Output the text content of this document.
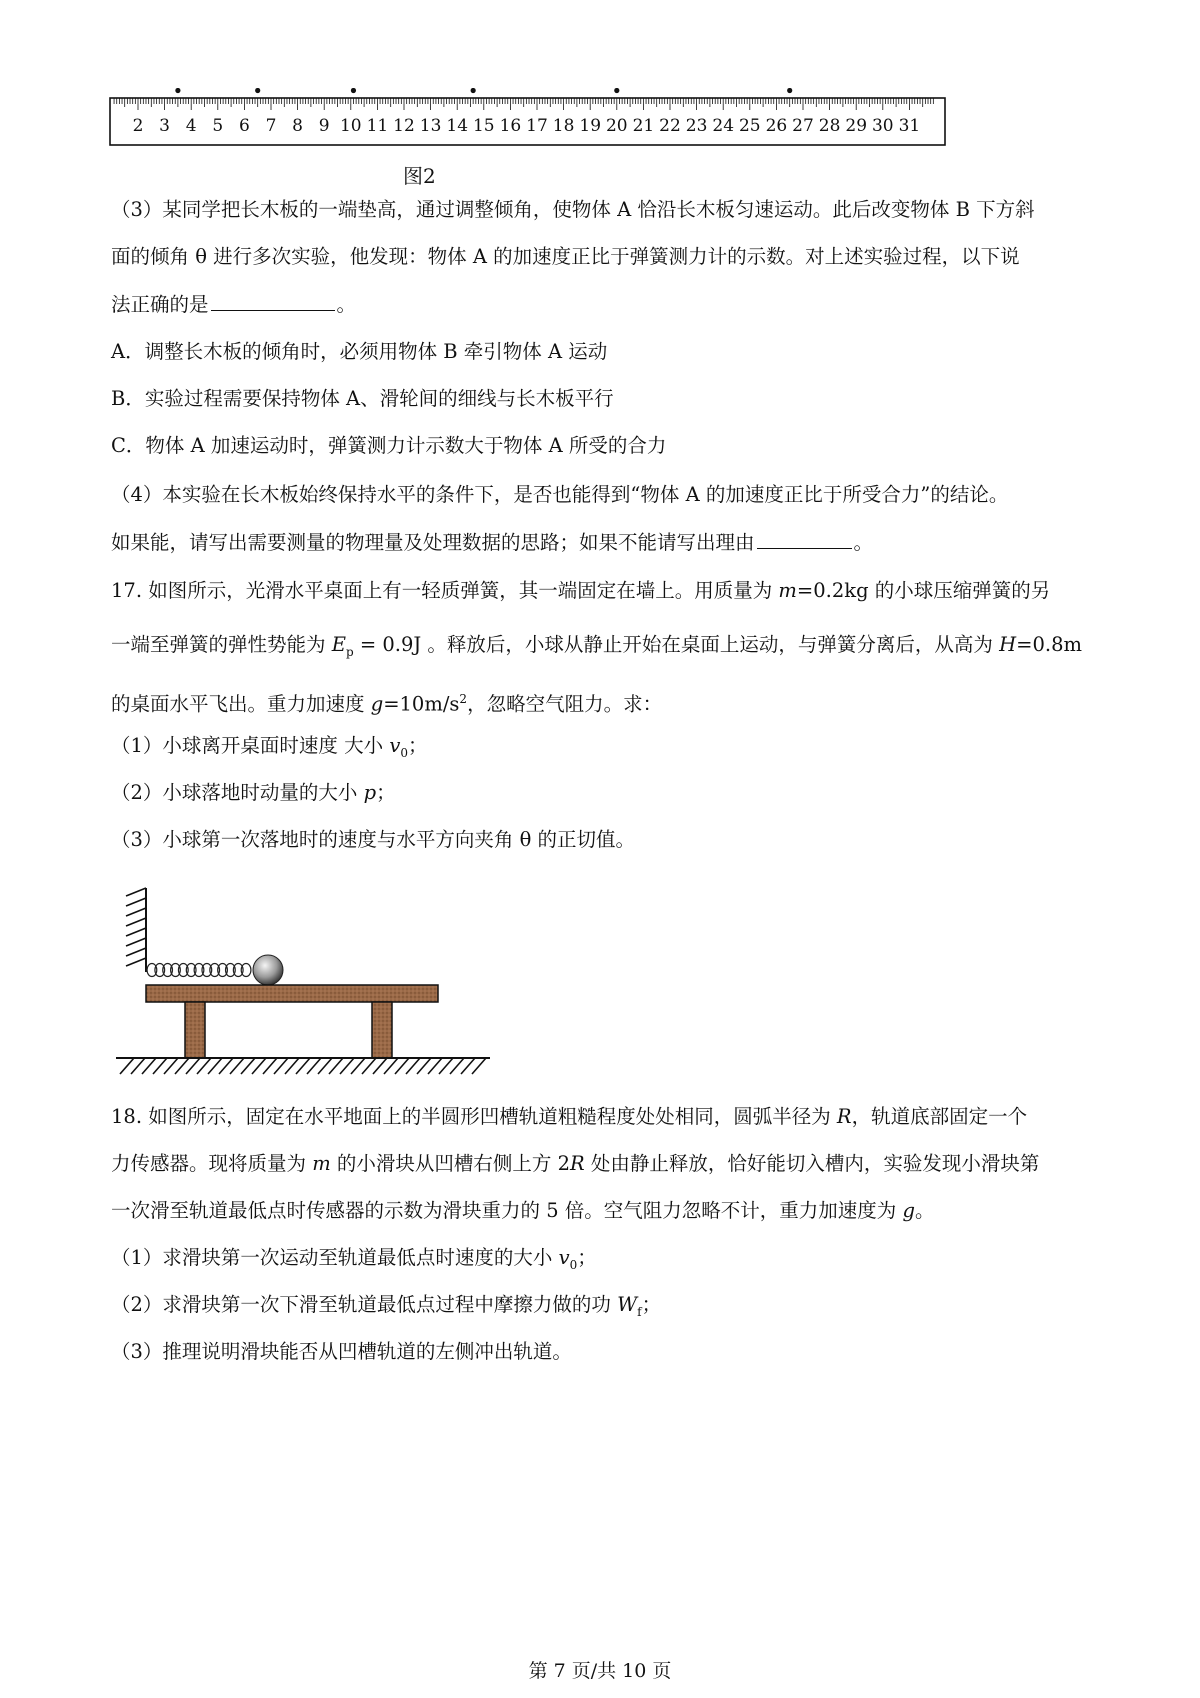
2 3 4 5 6 7 8 9 10 11 12 13 14 15 16 17 18 19 20 21 22 23 24 25 26 27 28 29 30 31
图2
（3）某同学把长木板的一端垫高，通过调整倾角，使物体 A 恰沿长木板匀速运动。此后改变物体 B 下方斜
面的倾角 θ 进行多次实验，他发现：物体 A 的加速度正比于弹簧测力计的示数。对上述实验过程，以下说
法正确的是	。
A．调整长木板的倾角时，必须用物体 B 牵引物体 A 运动
B．实验过程需要保持物体 A、滑轮间的细线与长木板平行
C．物体 A 加速运动时，弹簧测力计示数大于物体 A 所受的合力
（4）本实验在长木板始终保持水平的条件下，是否也能得到“物体 A 的加速度正比于所受合力”的结论。
如果能，请写出需要测量的物理量及处理数据的思路；如果不能请写出理由	。
17. 如图所示，光滑水平桌面上有一轻质弹簧，其一端固定在墙上。用质量为 m=0.2kg 的小球压缩弹簧的另
一端至弹簧的弹性势能为 $E_p = 0.9J$ 。释放后，小球从静止开始在桌面上运动，与弹簧分离后，从高为 H=0.8m
的桌面水平飞出。重力加速度 $g=10m/s^2$，忽略空气阻力。求：
（1）小球离开桌面时速度 大小 $v_0$；
（2）小球落地时动量的大小 p；
（3）小球第一次落地时的速度与水平方向夹角 θ 的正切值。
18. 如图所示，固定在水平地面上的半圆形凹槽轨道粗糙程度处处相同，圆弧半径为 R，轨道底部固定一个
力传感器。现将质量为 m 的小滑块从凹槽右侧上方 2R 处由静止释放，恰好能切入槽内，实验发现小滑块第
一次滑至轨道最低点时传感器的示数为滑块重力的 5 倍。空气阻力忽略不计，重力加速度为 g。
（1）求滑块第一次运动至轨道最低点时速度的大小 $v_0$；
（2）求滑块第一次下滑至轨道最低点过程中摩擦力做的功 $W_f$；
（3）推理说明滑块能否从凹槽轨道的左侧冲出轨道。
第 7 页/共 10 页
